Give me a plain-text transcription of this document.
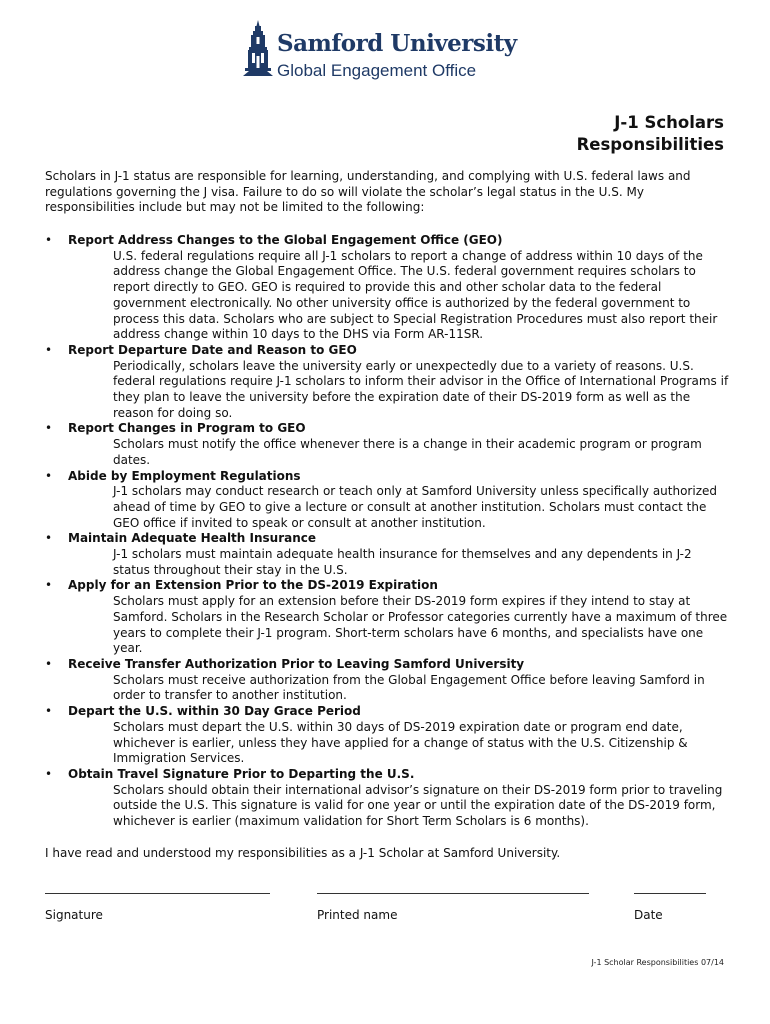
Samford University
Global Engagement Office
J-1 Scholars
Responsibilities
Scholars in J-1 status are responsible for learning, understanding, and complying with U.S. federal laws and regulations governing the J visa. Failure to do so will violate the scholar’s legal status in the U.S. My responsibilities include but may not be limited to the following:
• Report Address Changes to the Global Engagement Office (GEO)
U.S. federal regulations require all J-1 scholars to report a change of address within 10 days of the address change the Global Engagement Office. The U.S. federal government requires scholars to report directly to GEO. GEO is required to provide this and other scholar data to the federal government electronically. No other university office is authorized by the federal government to process this data. Scholars who are subject to Special Registration Procedures must also report their address change within 10 days to the DHS via Form AR-11SR.
• Report Departure Date and Reason to GEO
Periodically, scholars leave the university early or unexpectedly due to a variety of reasons. U.S. federal regulations require J-1 scholars to inform their advisor in the Office of International Programs if they plan to leave the university before the expiration date of their DS-2019 form as well as the reason for doing so.
• Report Changes in Program to GEO
Scholars must notify the office whenever there is a change in their academic program or program dates.
• Abide by Employment Regulations
J-1 scholars may conduct research or teach only at Samford University unless specifically authorized ahead of time by GEO to give a lecture or consult at another institution. Scholars must contact the GEO office if invited to speak or consult at another institution.
• Maintain Adequate Health Insurance
J-1 scholars must maintain adequate health insurance for themselves and any dependents in J-2 status throughout their stay in the U.S.
• Apply for an Extension Prior to the DS-2019 Expiration
Scholars must apply for an extension before their DS-2019 form expires if they intend to stay at Samford. Scholars in the Research Scholar or Professor categories currently have a maximum of three years to complete their J-1 program. Short-term scholars have 6 months, and specialists have one year.
• Receive Transfer Authorization Prior to Leaving Samford University
Scholars must receive authorization from the Global Engagement Office before leaving Samford in order to transfer to another institution.
• Depart the U.S. within 30 Day Grace Period
Scholars must depart the U.S. within 30 days of DS-2019 expiration date or program end date, whichever is earlier, unless they have applied for a change of status with the U.S. Citizenship & Immigration Services.
• Obtain Travel Signature Prior to Departing the U.S.
Scholars should obtain their international advisor’s signature on their DS-2019 form prior to traveling outside the U.S. This signature is valid for one year or until the expiration date of the DS-2019 form, whichever is earlier (maximum validation for Short Term Scholars is 6 months).
I have read and understood my responsibilities as a J-1 Scholar at Samford University.
Signature	Printed name	Date
J-1 Scholar Responsibilities 07/14
